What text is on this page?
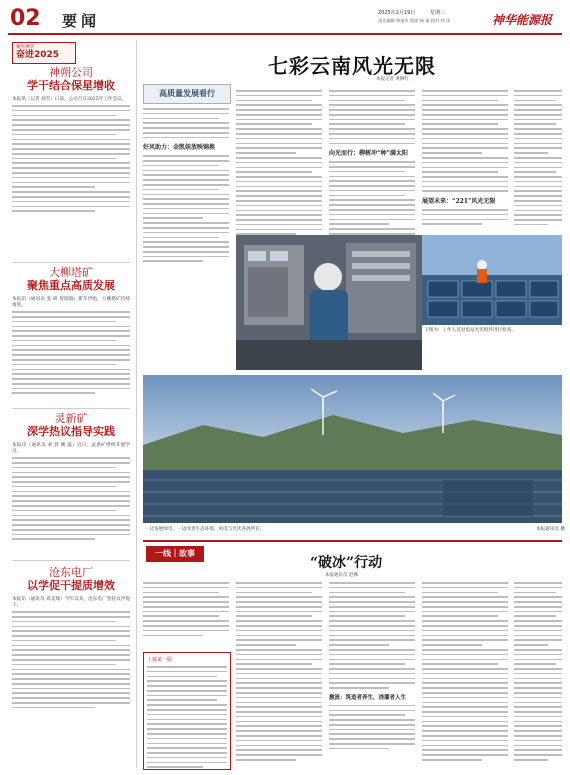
02 要闻	2025年2月19日	星期三
责任编辑:黄丽芳 版面:杨 娅 校对:徐 彤	神华能源报
聚焦神华
奋进2025
神朔公司
学干结合保星增收
本报讯（记者 刘雪）日前，公司召开2025年工作会议。
大柳塔矿
聚焦重点高质发展
本报讯（通讯员 张 研 贺瑞瑞）新年伊始，大柳塔矿持续推进。
灵新矿
深学热议指导实践
本报讯（通讯员 刘 晨 姚 磊）近日，灵新矿组织开展学习。
沧东电厂
以学促干提质增效
本报讯（通讯员 邓美瑞）今年以来，沧东电厂坚持以学促干。
七彩云南风光无限
本报记者 黄柳红
高质量发展看行
好风助力：金凯娃放映锦换
向光而行：柳树冲“种”满太阳
展望未来：“221”风光无限
下图为：工作人员对电站光伏组件进行检查。
一边发展绿电，一边改善生态环境，风电与光伏各展所长。	本报通讯员 摄
一线｜故事
“破冰”行动
本报通讯员 赵娜
上接第一版
激流：筑造者养生，浇灌者人生
